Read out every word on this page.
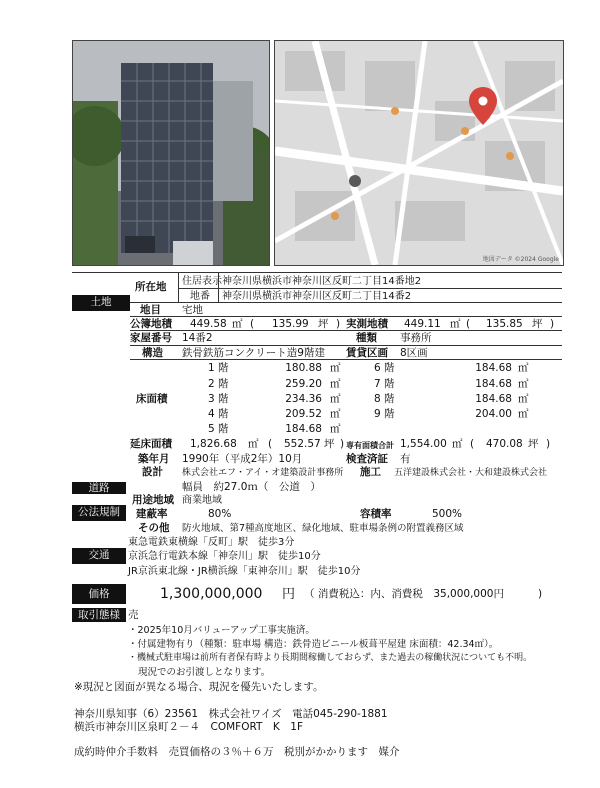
地図データ ©2024 Google
土地
道路
公法規制
交通
価格
取引態様
所在地 住居表示 神奈川県横浜市神奈川区反町二丁目14番地2
地番 神奈川県横浜市神奈川区反町二丁目14番2
地目 宅地
公簿地積 449.58 ㎡ ( 135.99 坪 ) 実測地積 449.11 ㎡ ( 135.85 坪 )
家屋番号 14番2	種類 事務所
構造 鉄骨鉄筋コンクリート造9階建 賃貸区画 8区画
床面積
1 階	180.88 ㎡
2 階	259.20 ㎡
3 階	234.36 ㎡
4 階	209.52 ㎡
5 階	184.68 ㎡
6 階	184.68 ㎡
7 階	184.68 ㎡
8 階	184.68 ㎡
9 階	204.00 ㎡
延床面積 1,826.68 ㎡ ( 552.57 坪 ) 専有面積合計 1,554.00 ㎡ ( 470.08 坪 )
築年月 1990年（平成2年）10月	検査済証 有
設計 株式会社エフ・アイ・オ建築設計事務所 施工 五洋建設株式会社・大和建設株式会社
幅員　約27.0ｍ（　公道　）
用途地域 商業地域
建蔽率	80%	容積率	500%
その他 防火地域、第7種高度地区、緑化地域、駐車場条例の附置義務区域
東急電鉄東横線「反町」駅　徒歩3分
京浜急行電鉄本線「神奈川」駅　徒歩10分
JR京浜東北線・JR横浜線「東神奈川」駅　徒歩10分
1,300,000,000 円 （ 消費税込：内、消費税　35,000,000円	)
売
・2025年10月バリューアップ工事実施済。
・付属建物有り（種類：駐車場 構造：鉄骨造ビニール板葺平屋建 床面積：42.34㎡）。
・機械式駐車場は前所有者保有時より長期間稼働しておらず、また過去の稼働状況についても不明。
現況でのお引渡しとなります。
※現況と図面が異なる場合、現況を優先いたします。
神奈川県知事（6）23561　株式会社ワイズ　電話045-290-1881
横浜市神奈川区泉町２－４　COMFORT　K　1F
成約時仲介手数料　売買価格の３％＋６万　税別がかかります　媒介
